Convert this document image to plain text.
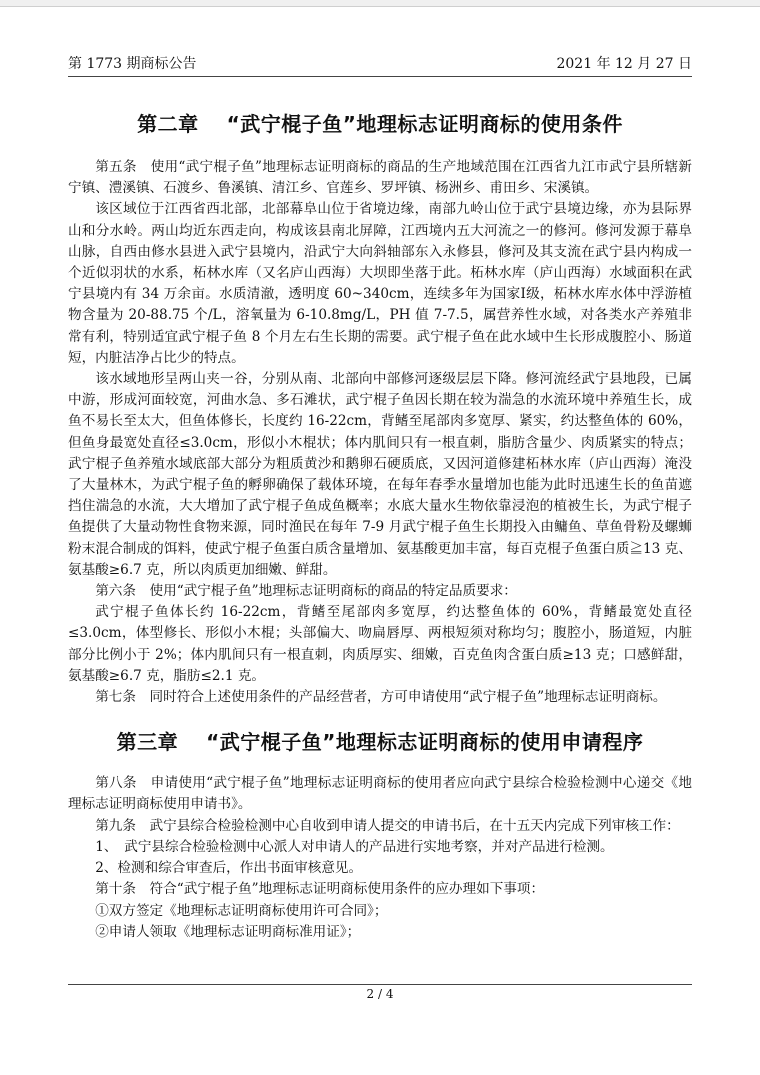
第 1773 期商标公告	2021 年 12 月 27 日
第二章 “武宁棍子鱼”地理标志证明商标的使用条件

第五条　使用“武宁棍子鱼”地理标志证明商标的商品的生产地域范围在江西省九江市武宁县所辖新宁镇、澧溪镇、石渡乡、鲁溪镇、清江乡、官莲乡、罗坪镇、杨洲乡、甫田乡、宋溪镇。

该区域位于江西省西北部，北部幕阜山位于省境边缘，南部九岭山位于武宁县境边缘，亦为县际界山和分水岭。两山均近东西走向，构成该县南北屏障，江西境内五大河流之一的修河。修河发源于幕阜山脉，自西由修水县进入武宁县境内，沿武宁大向斜轴部东入永修县，修河及其支流在武宁县内构成一个近似羽状的水系，柘林水库（又名庐山西海）大坝即坐落于此。柘林水库（庐山西海）水域面积在武宁县境内有 34 万余亩。水质清澈，透明度 60~340cm，连续多年为国家Ⅰ级，柘林水库水体中浮游植物含量为 20-88.75 个/L，溶氧量为 6-10.8mg/L，PH 值 7-7.5，属营养性水域，对各类水产养殖非常有利，特别适宜武宁棍子鱼 8 个月左右生长期的需要。武宁棍子鱼在此水域中生长形成腹腔小、肠道短，内脏洁净占比少的特点。

该水域地形呈两山夹一谷，分别从南、北部向中部修河逐级层层下降。修河流经武宁县地段，已属中游，形成河面较宽，河曲水急、多石滩状，武宁棍子鱼因长期在较为湍急的水流环境中养殖生长，成鱼不易长至太大，但鱼体修长，长度约 16-22cm，背鳍至尾部肉多宽厚、紧实，约达整鱼体的 60%，但鱼身最宽处直径≤3.0cm，形似小木棍状；体内肌间只有一根直刺，脂肪含量少、肉质紧实的特点；武宁棍子鱼养殖水域底部大部分为粗质黄沙和鹅卵石硬质底，又因河道修建柘林水库（庐山西海）淹没了大量林木，为武宁棍子鱼的孵卵确保了载体环境，在每年春季水量增加也能为此时迅速生长的鱼苗遮挡住湍急的水流，大大增加了武宁棍子鱼成鱼概率；水底大量水生物依靠浸泡的植被生长，为武宁棍子鱼提供了大量动物性食物来源，同时渔民在每年 7-9 月武宁棍子鱼生长期投入由鳙鱼、草鱼骨粉及螺蛳粉末混合制成的饵料，使武宁棍子鱼蛋白质含量增加、氨基酸更加丰富，每百克棍子鱼蛋白质≧13 克、氨基酸≥6.7 克，所以肉质更加细嫩、鲜甜。

第六条　使用“武宁棍子鱼”地理标志证明商标的商品的特定品质要求：

武宁棍子鱼体长约 16-22cm，背鳍至尾部肉多宽厚，约达整鱼体的 60%，背鳍最宽处直径≤3.0cm，体型修长、形似小木棍；头部偏大、吻扁唇厚、两根短须对称均匀；腹腔小，肠道短，内脏部分比例小于 2%；体内肌间只有一根直刺，肉质厚实、细嫩，百克鱼肉含蛋白质≥13 克；口感鲜甜，氨基酸≥6.7 克，脂肪≤2.1 克。

第七条　同时符合上述使用条件的产品经营者，方可申请使用“武宁棍子鱼”地理标志证明商标。

第三章 “武宁棍子鱼”地理标志证明商标的使用申请程序

第八条　申请使用“武宁棍子鱼”地理标志证明商标的使用者应向武宁县综合检验检测中心递交《地理标志证明商标使用申请书》。

第九条　武宁县综合检验检测中心自收到申请人提交的申请书后，在十五天内完成下列审核工作：

1、　武宁县综合检验检测中心派人对申请人的产品进行实地考察，并对产品进行检测。

2、检测和综合审查后，作出书面审核意见。

第十条　符合“武宁棍子鱼”地理标志证明商标使用条件的应办理如下事项：

①双方签定《地理标志证明商标使用许可合同》；

②申请人领取《地理标志证明商标准用证》；

2 / 4
